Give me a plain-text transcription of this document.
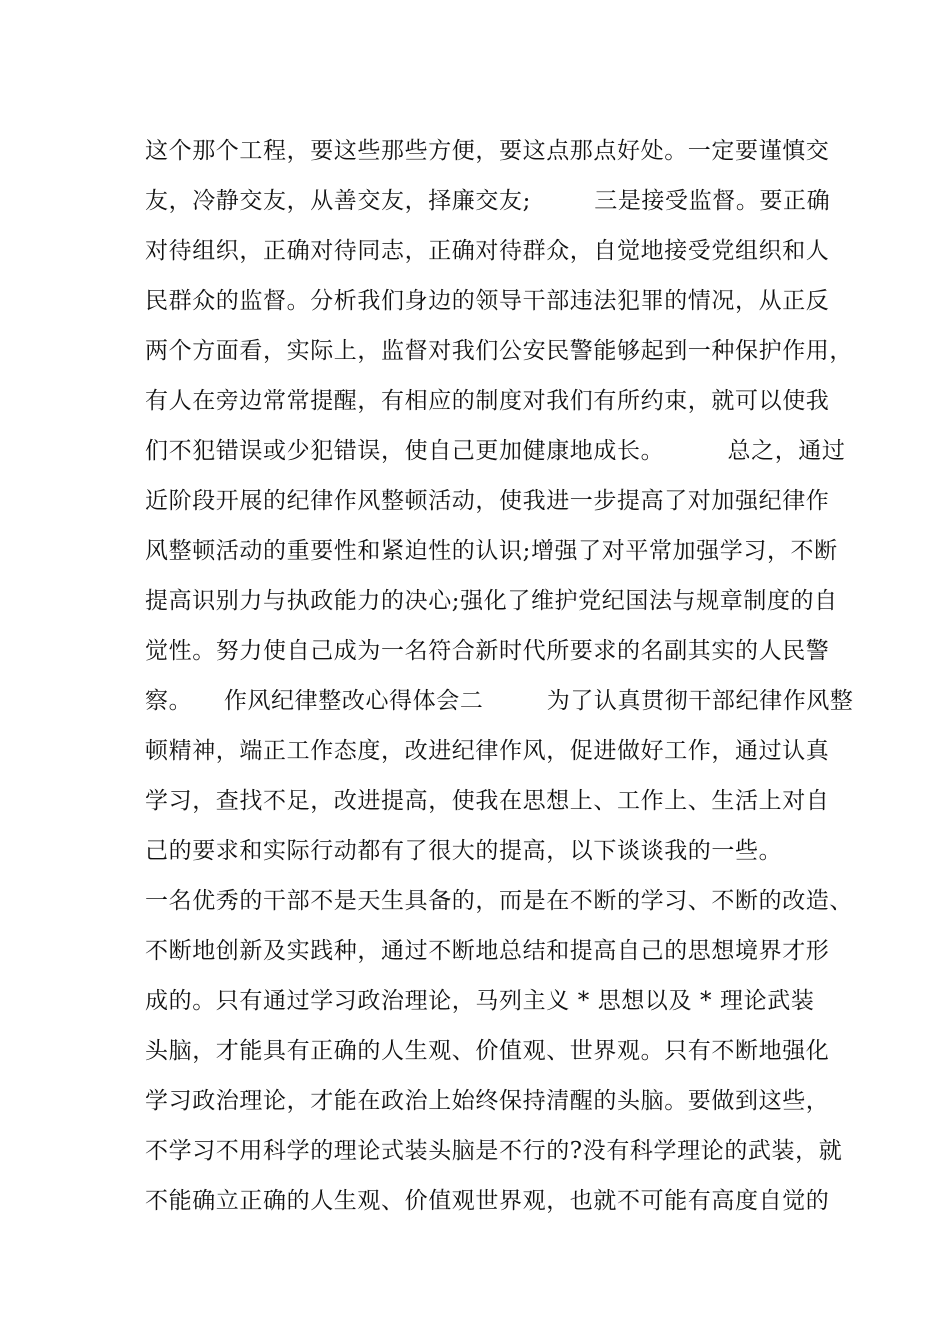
这个那个工程，要这些那些方便，要这点那点好处。一定要谨慎交
友，冷静交友，从善交友，择廉交友;        三是接受监督。要正确
对待组织，正确对待同志，正确对待群众，自觉地接受党组织和人
民群众的监督。分析我们身边的领导干部违法犯罪的情况，从正反
两个方面看，实际上，监督对我们公安民警能够起到一种保护作用，
有人在旁边常常提醒，有相应的制度对我们有所约束，就可以使我
们不犯错误或少犯错误，使自己更加健康地成长。        总之，通过
近阶段开展的纪律作风整顿活动，使我进一步提高了对加强纪律作
风整顿活动的重要性和紧迫性的认识;增强了对平常加强学习，不断
提高识别力与执政能力的决心;强化了维护党纪国法与规章制度的自
觉性。努力使自己成为一名符合新时代所要求的名副其实的人民警
察。    作风纪律整改心得体会二        为了认真贯彻干部纪律作风整
顿精神，端正工作态度，改进纪律作风，促进做好工作，通过认真
学习，查找不足，改进提高，使我在思想上、工作上、生活上对自
己的要求和实际行动都有了很大的提高，以下谈谈我的一些。
一名优秀的干部不是天生具备的，而是在不断的学习、不断的改造、
不断地创新及实践种，通过不断地总结和提高自己的思想境界才形
成的。只有通过学习政治理论，马列主义 * 思想以及 * 理论武装
头脑，才能具有正确的人生观、价值观、世界观。只有不断地强化
学习政治理论，才能在政治上始终保持清醒的头脑。要做到这些，
不学习不用科学的理论式装头脑是不行的?没有科学理论的武装，就
不能确立正确的人生观、价值观世界观，也就不可能有高度自觉的
